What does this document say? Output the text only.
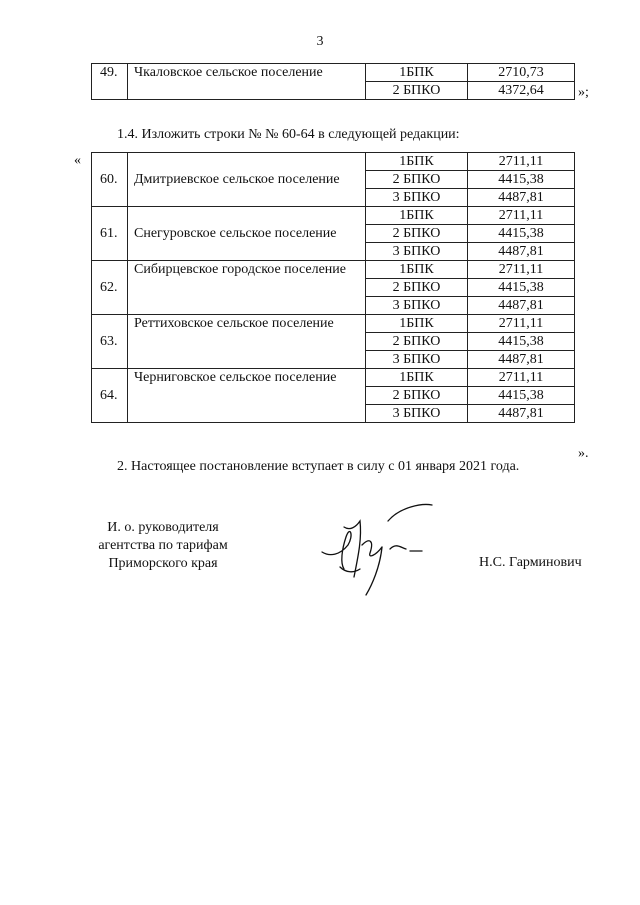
3
49.	Чкаловское сельское поселение	1БПК	2710,73
		2 БПКО	4372,64 »;
1.4. Изложить строки № № 60-64 в следующей редакции:
«
60.	Дмитриевское сельское поселение	1БПК	2711,11
		2 БПКО	4415,38
		3 БПКО	4487,81
61.	Снегуровское сельское поселение	1БПК	2711,11
		2 БПКО	4415,38
		3 БПКО	4487,81
62.	Сибирцевское городское поселение	1БПК	2711,11
		2 БПКО	4415,38
		3 БПКО	4487,81
63.	Реттиховское сельское поселение	1БПК	2711,11
		2 БПКО	4415,38
		3 БПКО	4487,81
64.	Черниговское сельское поселение	1БПК	2711,11
		2 БПКО	4415,38
		3 БПКО	4487,81
».
2. Настоящее постановление вступает в силу с 01 января 2021 года.
И. о. руководителя
агентства по тарифам
Приморского края	Н.С. Гарминович
